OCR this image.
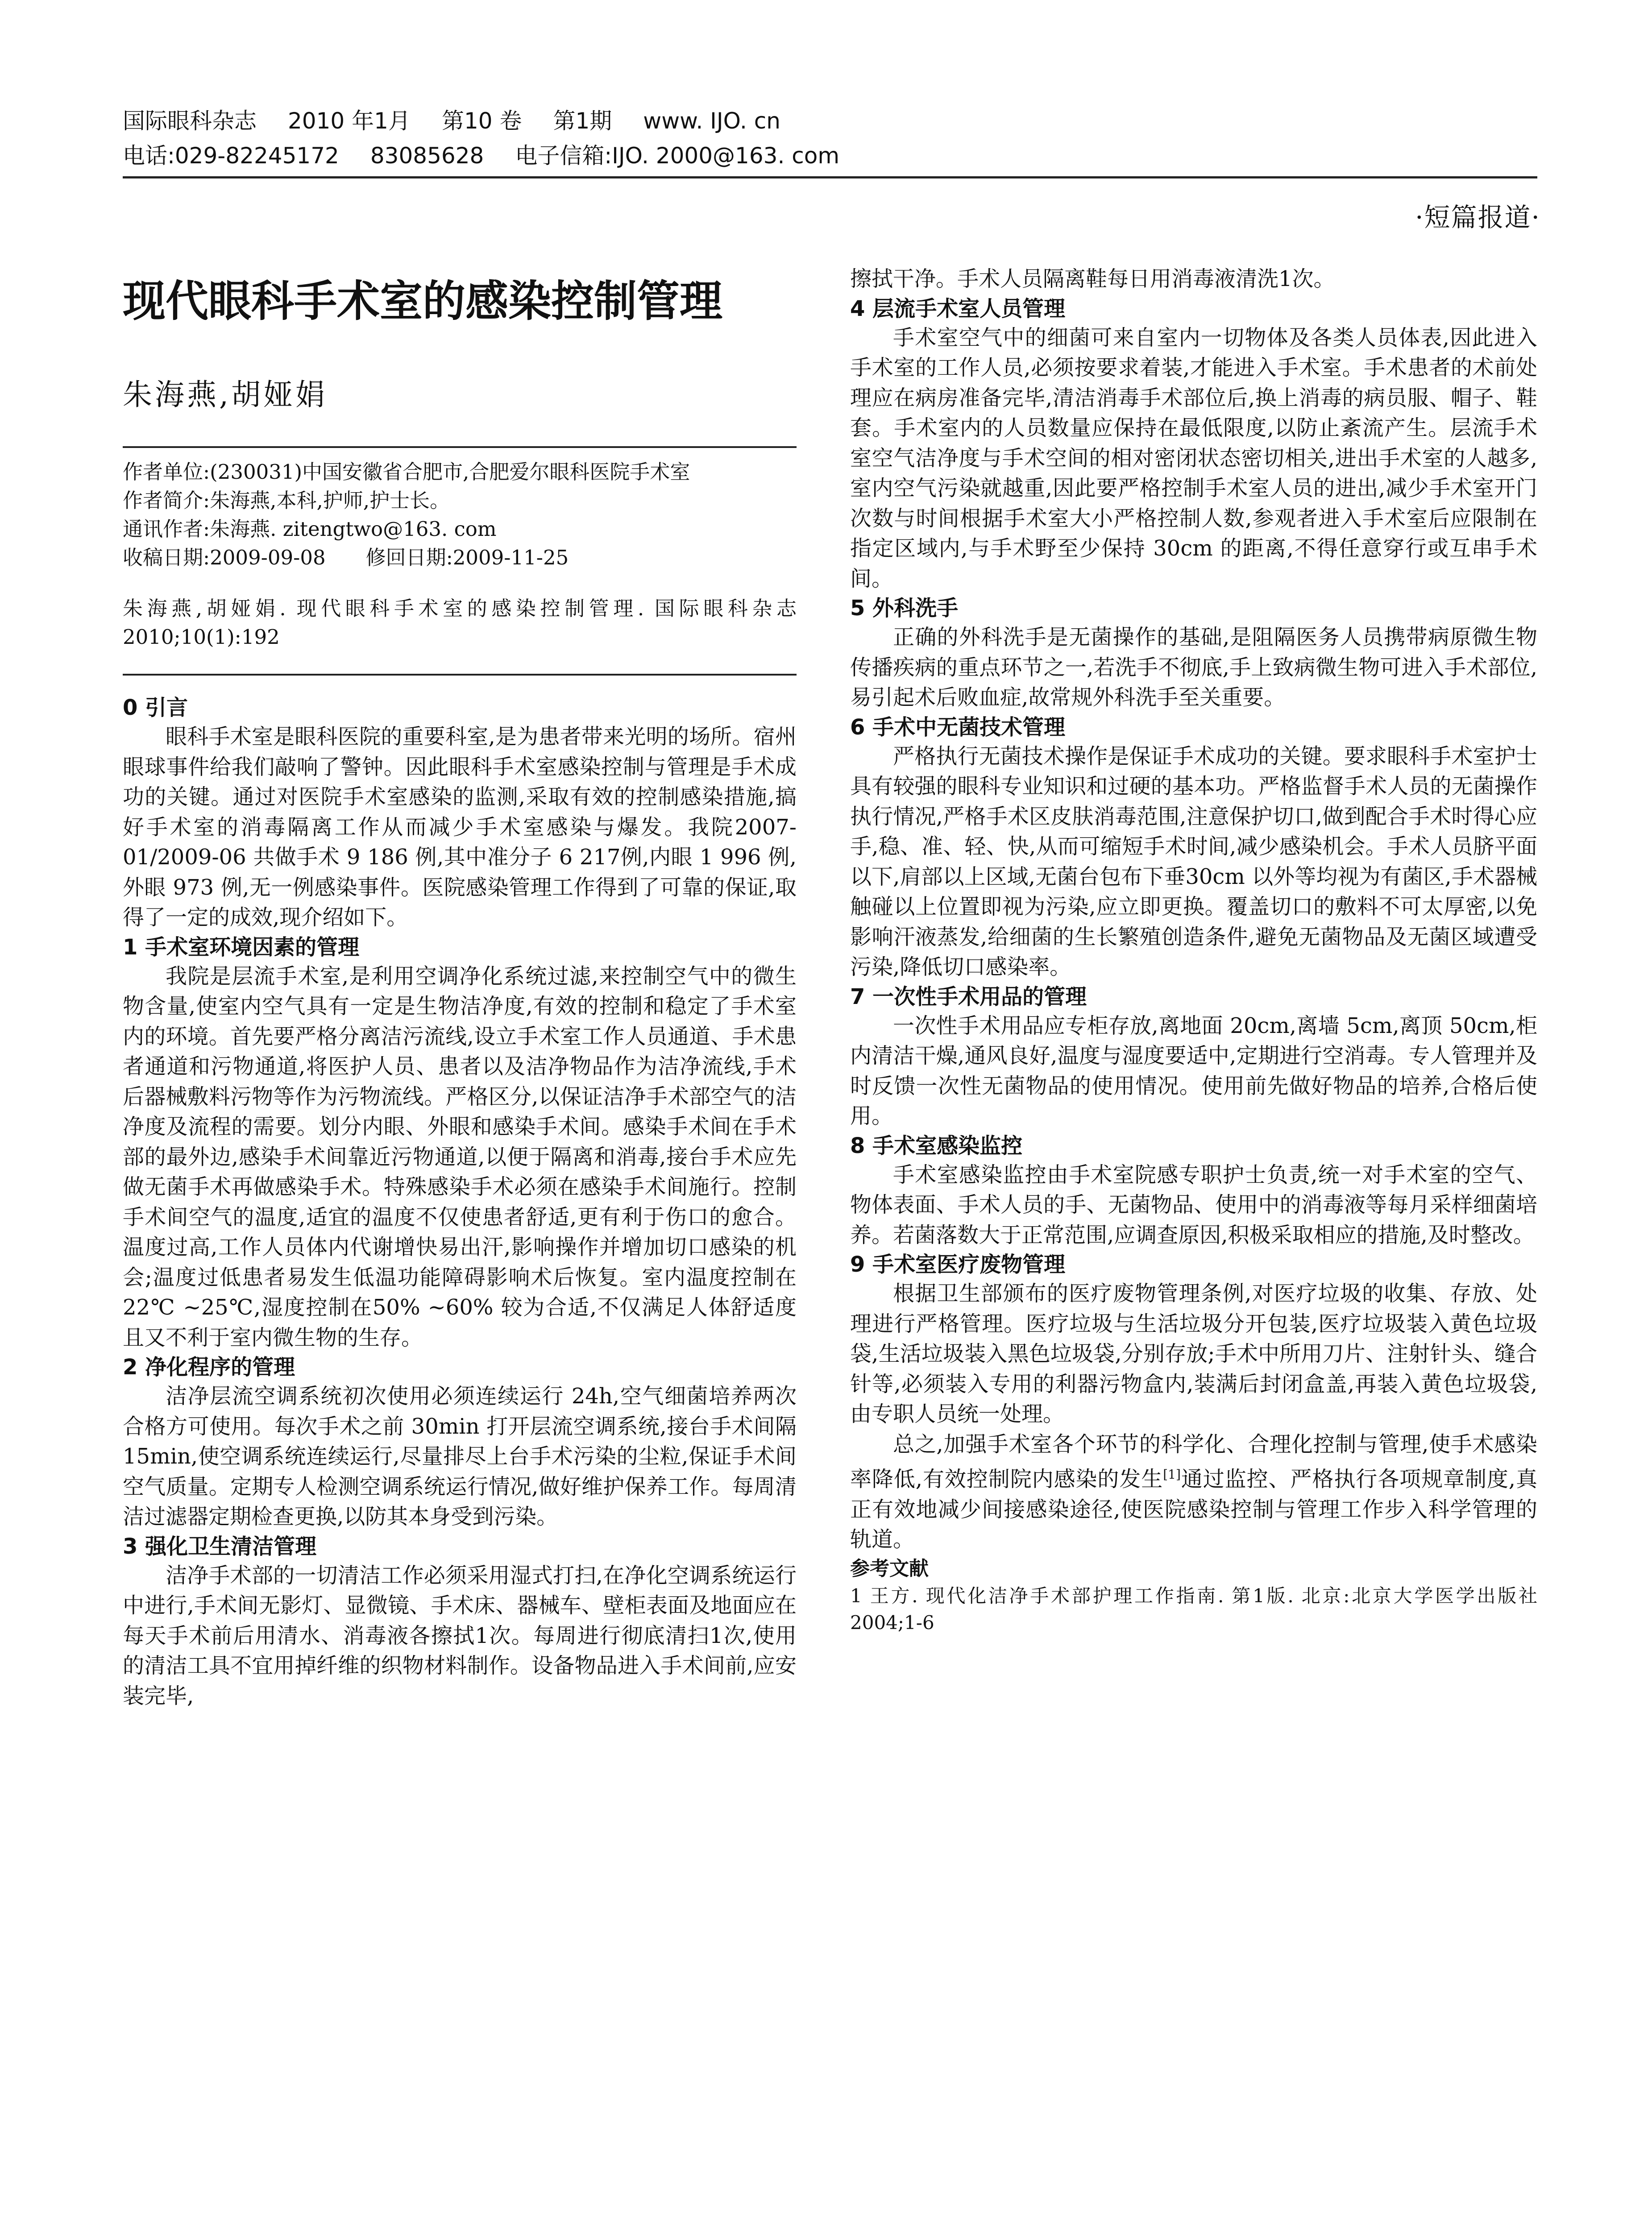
国际眼科杂志 2010 年1月 第10 卷 第1期 www. IJO. cn
电话:029-82245172 83085628 电子信箱:IJO. 2000@163. com
·短篇报道·
现代眼科手术室的感染控制管理
朱海燕,胡娅娟
作者单位:(230031)中国安徽省合肥市,合肥爱尔眼科医院手术室
作者简介:朱海燕,本科,护师,护士长。
通讯作者:朱海燕. zitengtwo@163. com
收稿日期:2009-09-08　　修回日期:2009-11-25
朱海燕,胡娅娟. 现代眼科手术室的感染控制管理. 国际眼科杂志 2010;10(1):192

0 引言

眼科手术室是眼科医院的重要科室,是为患者带来光明的场所。宿州眼球事件给我们敲响了警钟。因此眼科手术室感染控制与管理是手术成功的关键。通过对医院手术室感染的监测,采取有效的控制感染措施,搞好手术室的消毒隔离工作从而减少手术室感染与爆发。我院2007-01/2009-06 共做手术 9 186 例,其中准分子 6 217例,内眼 1 996 例,外眼 973 例,无一例感染事件。医院感染管理工作得到了可靠的保证,取得了一定的成效,现介绍如下。

1 手术室环境因素的管理

我院是层流手术室,是利用空调净化系统过滤,来控制空气中的微生物含量,使室内空气具有一定是生物洁净度,有效的控制和稳定了手术室内的环境。首先要严格分离洁污流线,设立手术室工作人员通道、手术患者通道和污物通道,将医护人员、患者以及洁净物品作为洁净流线,手术后器械敷料污物等作为污物流线。严格区分,以保证洁净手术部空气的洁净度及流程的需要。划分内眼、外眼和感染手术间。感染手术间在手术部的最外边,感染手术间靠近污物通道,以便于隔离和消毒,接台手术应先做无菌手术再做感染手术。特殊感染手术必须在感染手术间施行。控制手术间空气的温度,适宜的温度不仅使患者舒适,更有利于伤口的愈合。温度过高,工作人员体内代谢增快易出汗,影响操作并增加切口感染的机会;温度过低患者易发生低温功能障碍影响术后恢复。室内温度控制在22℃ ~25℃,湿度控制在50% ~60% 较为合适,不仅满足人体舒适度且又不利于室内微生物的生存。

2 净化程序的管理

洁净层流空调系统初次使用必须连续运行 24h,空气细菌培养两次合格方可使用。每次手术之前 30min 打开层流空调系统,接台手术间隔 15min,使空调系统连续运行,尽量排尽上台手术污染的尘粒,保证手术间空气质量。定期专人检测空调系统运行情况,做好维护保养工作。每周清洁过滤器定期检查更换,以防其本身受到污染。

3 强化卫生清洁管理

洁净手术部的一切清洁工作必须采用湿式打扫,在净化空调系统运行中进行,手术间无影灯、显微镜、手术床、器械车、壁柜表面及地面应在每天手术前后用清水、消毒液各擦拭1次。每周进行彻底清扫1次,使用的清洁工具不宜用掉纤维的织物材料制作。设备物品进入手术间前,应安装完毕,

擦拭干净。手术人员隔离鞋每日用消毒液清洗1次。

4 层流手术室人员管理

手术室空气中的细菌可来自室内一切物体及各类人员体表,因此进入手术室的工作人员,必须按要求着装,才能进入手术室。手术患者的术前处理应在病房准备完毕,清洁消毒手术部位后,换上消毒的病员服、帽子、鞋套。手术室内的人员数量应保持在最低限度,以防止紊流产生。层流手术室空气洁净度与手术空间的相对密闭状态密切相关,进出手术室的人越多,室内空气污染就越重,因此要严格控制手术室人员的进出,减少手术室开门次数与时间根据手术室大小严格控制人数,参观者进入手术室后应限制在指定区域内,与手术野至少保持 30cm 的距离,不得任意穿行或互串手术间。

5 外科洗手

正确的外科洗手是无菌操作的基础,是阻隔医务人员携带病原微生物传播疾病的重点环节之一,若洗手不彻底,手上致病微生物可进入手术部位,易引起术后败血症,故常规外科洗手至关重要。

6 手术中无菌技术管理

严格执行无菌技术操作是保证手术成功的关键。要求眼科手术室护士具有较强的眼科专业知识和过硬的基本功。严格监督手术人员的无菌操作执行情况,严格手术区皮肤消毒范围,注意保护切口,做到配合手术时得心应手,稳、准、轻、快,从而可缩短手术时间,减少感染机会。手术人员脐平面以下,肩部以上区域,无菌台包布下垂30cm 以外等均视为有菌区,手术器械触碰以上位置即视为污染,应立即更换。覆盖切口的敷料不可太厚密,以免影响汗液蒸发,给细菌的生长繁殖创造条件,避免无菌物品及无菌区域遭受污染,降低切口感染率。

7 一次性手术用品的管理

一次性手术用品应专柜存放,离地面 20cm,离墙 5cm,离顶 50cm,柜内清洁干燥,通风良好,温度与湿度要适中,定期进行空消毒。专人管理并及时反馈一次性无菌物品的使用情况。使用前先做好物品的培养,合格后使用。

8 手术室感染监控

手术室感染监控由手术室院感专职护士负责,统一对手术室的空气、物体表面、手术人员的手、无菌物品、使用中的消毒液等每月采样细菌培养。若菌落数大于正常范围,应调查原因,积极采取相应的措施,及时整改。

9 手术室医疗废物管理

根据卫生部颁布的医疗废物管理条例,对医疗垃圾的收集、存放、处理进行严格管理。医疗垃圾与生活垃圾分开包装,医疗垃圾装入黄色垃圾袋,生活垃圾装入黑色垃圾袋,分别存放;手术中所用刀片、注射针头、缝合针等,必须装入专用的利器污物盒内,装满后封闭盒盖,再装入黄色垃圾袋,由专职人员统一处理。

总之,加强手术室各个环节的科学化、合理化控制与管理,使手术感染率降低,有效控制院内感染的发生[1]通过监控、严格执行各项规章制度,真正有效地减少间接感染途径,使医院感染控制与管理工作步入科学管理的轨道。

参考文献

1 王方. 现代化洁净手术部护理工作指南. 第1版. 北京:北京大学医学出版社 2004;1-6
